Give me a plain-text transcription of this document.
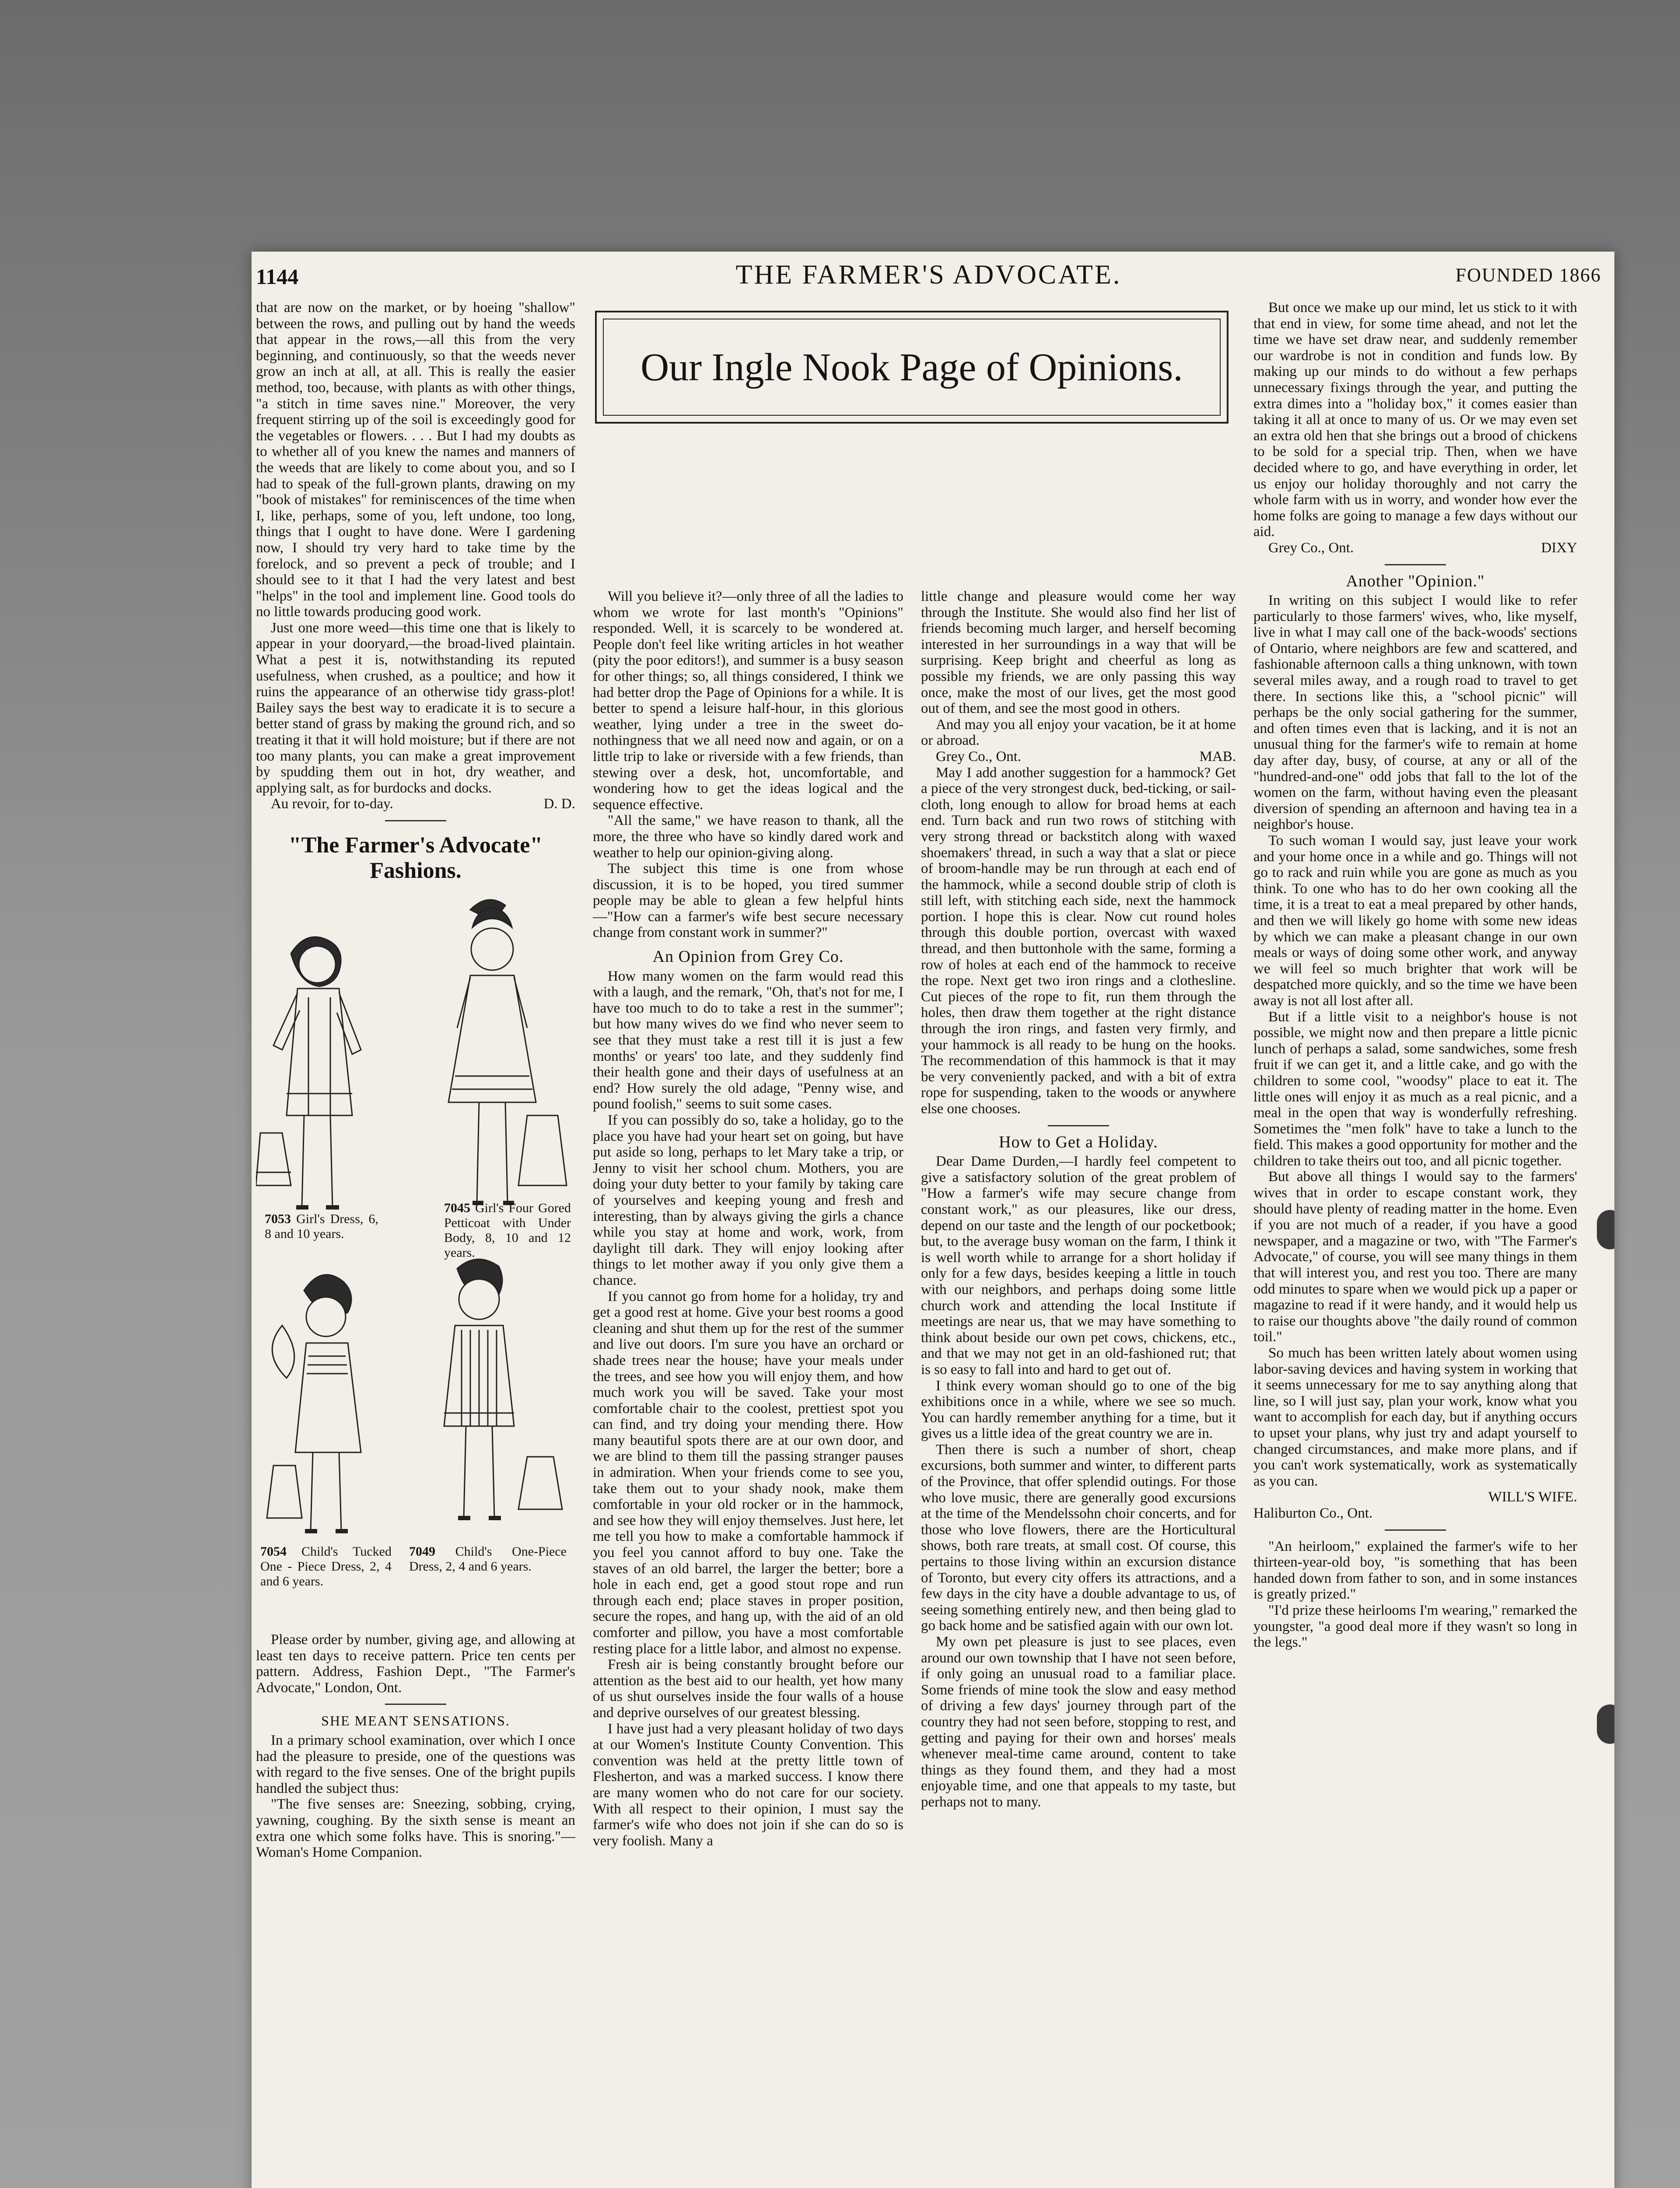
1144	THE FARMER'S ADVOCATE.	FOUNDED 1866

that are now on the market, or by hoeing "shallow" between the rows, and pulling out by hand the weeds that appear in the rows,—all this from the very beginning, and continuously, so that the weeds never grow an inch at all, at all. This is really the easier method, too, because, with plants as with other things, "a stitch in time saves nine." Moreover, the very frequent stirring up of the soil is exceedingly good for the vegetables or flowers. . . . But I had my doubts as to whether all of you knew the names and manners of the weeds that are likely to come about you, and so I had to speak of the full-grown plants, drawing on my "book of mistakes" for reminiscences of the time when I, like, perhaps, some of you, left undone, too long, things that I ought to have done. Were I gardening now, I should try very hard to take time by the forelock, and so prevent a peck of trouble; and I should see to it that I had the very latest and best "helps" in the tool and implement line. Good tools do no little towards producing good work.

Just one more weed—this time one that is likely to appear in your dooryard,—the broad-lived plaintain. What a pest it is, notwithstanding its reputed usefulness, when crushed, as a poultice; and how it ruins the appearance of an otherwise tidy grass-plot! Bailey says the best way to eradicate it is to secure a better stand of grass by making the ground rich, and so treating it that it will hold moisture; but if there are not too many plants, you can make a great improvement by spudding them out in hot, dry weather, and applying salt, as for burdocks and docks.

Au revoir, for to-day.	D. D.

"The Farmer's Advocate" Fashions.
7053 Girl's Dress, 6, 8 and 10 years.
7045 Girl's Four Gored Petticoat with Under Body, 8, 10 and 12 years.
7054 Child's Tucked One - Piece Dress, 2, 4 and 6 years.
7049 Child's One-Piece Dress, 2, 4 and 6 years.

Please order by number, giving age, and allowing at least ten days to receive pattern. Price ten cents per pattern. Address, Fashion Dept., "The Farmer's Advocate," London, Ont.

SHE MEANT SENSATIONS.

In a primary school examination, over which I once had the pleasure to preside, one of the questions was with regard to the five senses. One of the bright pupils handled the subject thus:

"The five senses are: Sneezing, sobbing, crying, yawning, coughing. By the sixth sense is meant an extra one which some folks have. This is snoring."—Woman's Home Companion.

Our Ingle Nook Page of Opinions.

Will you believe it?—only three of all the ladies to whom we wrote for last month's "Opinions" responded. Well, it is scarcely to be wondered at. People don't feel like writing articles in hot weather (pity the poor editors!), and summer is a busy season for other things; so, all things considered, I think we had better drop the Page of Opinions for a while. It is better to spend a leisure half-hour, in this glorious weather, lying under a tree in the sweet do-nothingness that we all need now and again, or on a little trip to lake or riverside with a few friends, than stewing over a desk, hot, uncomfortable, and wondering how to get the ideas logical and the sequence effective.

"All the same," we have reason to thank, all the more, the three who have so kindly dared work and weather to help our opinion-giving along.

The subject this time is one from whose discussion, it is to be hoped, you tired summer people may be able to glean a few helpful hints—"How can a farmer's wife best secure necessary change from constant work in summer?"

An Opinion from Grey Co.

How many women on the farm would read this with a laugh, and the remark, "Oh, that's not for me, I have too much to do to take a rest in the summer"; but how many wives do we find who never seem to see that they must take a rest till it is just a few months' or years' too late, and they suddenly find their health gone and their days of usefulness at an end? How surely the old adage, "Penny wise, and pound foolish," seems to suit some cases.

If you can possibly do so, take a holiday, go to the place you have had your heart set on going, but have put aside so long, perhaps to let Mary take a trip, or Jenny to visit her school chum. Mothers, you are doing your duty better to your family by taking care of yourselves and keeping young and fresh and interesting, than by always giving the girls a chance while you stay at home and work, work, from daylight till dark. They will enjoy looking after things to let mother away if you only give them a chance.

If you cannot go from home for a holiday, try and get a good rest at home. Give your best rooms a good cleaning and shut them up for the rest of the summer and live out doors. I'm sure you have an orchard or shade trees near the house; have your meals under the trees, and see how you will enjoy them, and how much work you will be saved. Take your most comfortable chair to the coolest, prettiest spot you can find, and try doing your mending there. How many beautiful spots there are at our own door, and we are blind to them till the passing stranger pauses in admiration. When your friends come to see you, take them out to your shady nook, make them comfortable in your old rocker or in the hammock, and see how they will enjoy themselves. Just here, let me tell you how to make a comfortable hammock if you feel you cannot afford to buy one. Take the staves of an old barrel, the larger the better; bore a hole in each end, get a good stout rope and run through each end; place staves in proper position, secure the ropes, and hang up, with the aid of an old comforter and pillow, you have a most comfortable resting place for a little labor, and almost no expense.

Fresh air is being constantly brought before our attention as the best aid to our health, yet how many of us shut ourselves inside the four walls of a house and deprive ourselves of our greatest blessing.

I have just had a very pleasant holiday of two days at our Women's Institute County Convention. This convention was held at the pretty little town of Flesherton, and was a marked success. I know there are many women who do not care for our society. With all respect to their opinion, I must say the farmer's wife who does not join if she can do so is very foolish. Many a

little change and pleasure would come her way through the Institute. She would also find her list of friends becoming much larger, and herself becoming interested in her surroundings in a way that will be surprising. Keep bright and cheerful as long as possible my friends, we are only passing this way once, make the most of our lives, get the most good out of them, and see the most good in others.

And may you all enjoy your vacation, be it at home or abroad.

Grey Co., Ont.	MAB.

May I add another suggestion for a hammock? Get a piece of the very strongest duck, bed-ticking, or sail-cloth, long enough to allow for broad hems at each end. Turn back and run two rows of stitching with very strong thread or backstitch along with waxed shoemakers' thread, in such a way that a slat or piece of broom-handle may be run through at each end of the hammock, while a second double strip of cloth is still left, with stitching each side, next the hammock portion. I hope this is clear. Now cut round holes through this double portion, overcast with waxed thread, and then buttonhole with the same, forming a row of holes at each end of the hammock to receive the rope. Next get two iron rings and a clothesline. Cut pieces of the rope to fit, run them through the holes, then draw them together at the right distance through the iron rings, and fasten very firmly, and your hammock is all ready to be hung on the hooks. The recommendation of this hammock is that it may be very conveniently packed, and with a bit of extra rope for suspending, taken to the woods or anywhere else one chooses.

How to Get a Holiday.

Dear Dame Durden,—I hardly feel competent to give a satisfactory solution of the great problem of "How a farmer's wife may secure change from constant work," as our pleasures, like our dress, depend on our taste and the length of our pocketbook; but, to the average busy woman on the farm, I think it is well worth while to arrange for a short holiday if only for a few days, besides keeping a little in touch with our neighbors, and perhaps doing some little church work and attending the local Institute if meetings are near us, that we may have something to think about beside our own pet cows, chickens, etc., and that we may not get in an old-fashioned rut; that is so easy to fall into and hard to get out of.

I think every woman should go to one of the big exhibitions once in a while, where we see so much. You can hardly remember anything for a time, but it gives us a little idea of the great country we are in.

Then there is such a number of short, cheap excursions, both summer and winter, to different parts of the Province, that offer splendid outings. For those who love music, there are generally good excursions at the time of the Mendelssohn choir concerts, and for those who love flowers, there are the Horticultural shows, both rare treats, at small cost. Of course, this pertains to those living within an excursion distance of Toronto, but every city offers its attractions, and a few days in the city have a double advantage to us, of seeing something entirely new, and then being glad to go back home and be satisfied again with our own lot.

My own pet pleasure is just to see places, even around our own township that I have not seen before, if only going an unusual road to a familiar place. Some friends of mine took the slow and easy method of driving a few days' journey through part of the country they had not seen before, stopping to rest, and getting and paying for their own and horses' meals whenever meal-time came around, content to take things as they found them, and they had a most enjoyable time, and one that appeals to my taste, but perhaps not to many.

But once we make up our mind, let us stick to it with that end in view, for some time ahead, and not let the time we have set draw near, and suddenly remember our wardrobe is not in condition and funds low. By making up our minds to do without a few perhaps unnecessary fixings through the year, and putting the extra dimes into a "holiday box," it comes easier than taking it all at once to many of us. Or we may even set an extra old hen that she brings out a brood of chickens to be sold for a special trip. Then, when we have decided where to go, and have everything in order, let us enjoy our holiday thoroughly and not carry the whole farm with us in worry, and wonder how ever the home folks are going to manage a few days without our aid.

Grey Co., Ont.	DIXY

Another "Opinion."

In writing on this subject I would like to refer particularly to those farmers' wives, who, like myself, live in what I may call one of the back-woods' sections of Ontario, where neighbors are few and scattered, and fashionable afternoon calls a thing unknown, with town several miles away, and a rough road to travel to get there. In sections like this, a "school picnic" will perhaps be the only social gathering for the summer, and often times even that is lacking, and it is not an unusual thing for the farmer's wife to remain at home day after day, busy, of course, at any or all of the "hundred-and-one" odd jobs that fall to the lot of the women on the farm, without having even the pleasant diversion of spending an afternoon and having tea in a neighbor's house.

To such woman I would say, just leave your work and your home once in a while and go. Things will not go to rack and ruin while you are gone as much as you think. To one who has to do her own cooking all the time, it is a treat to eat a meal prepared by other hands, and then we will likely go home with some new ideas by which we can make a pleasant change in our own meals or ways of doing some other work, and anyway we will feel so much brighter that work will be despatched more quickly, and so the time we have been away is not all lost after all.

But if a little visit to a neighbor's house is not possible, we might now and then prepare a little picnic lunch of perhaps a salad, some sandwiches, some fresh fruit if we can get it, and a little cake, and go with the children to some cool, "woodsy" place to eat it. The little ones will enjoy it as much as a real picnic, and a meal in the open that way is wonderfully refreshing. Sometimes the "men folk" have to take a lunch to the field. This makes a good opportunity for mother and the children to take theirs out too, and all picnic together.

But above all things I would say to the farmers' wives that in order to escape constant work, they should have plenty of reading matter in the home. Even if you are not much of a reader, if you have a good newspaper, and a magazine or two, with "The Farmer's Advocate," of course, you will see many things in them that will interest you, and rest you too. There are many odd minutes to spare when we would pick up a paper or magazine to read if it were handy, and it would help us to raise our thoughts above "the daily round of common toil."

So much has been written lately about women using labor-saving devices and having system in working that it seems unnecessary for me to say anything along that line, so I will just say, plan your work, know what you want to accomplish for each day, but if anything occurs to upset your plans, why just try and adapt yourself to changed circumstances, and make more plans, and if you can't work systematically, work as systematically as you can.

WILL'S WIFE.

Haliburton Co., Ont.

"An heirloom," explained the farmer's wife to her thirteen-year-old boy, "is something that has been handed down from father to son, and in some instances is greatly prized."

"I'd prize these heirlooms I'm wearing," remarked the youngster, "a good deal more if they wasn't so long in the legs."
